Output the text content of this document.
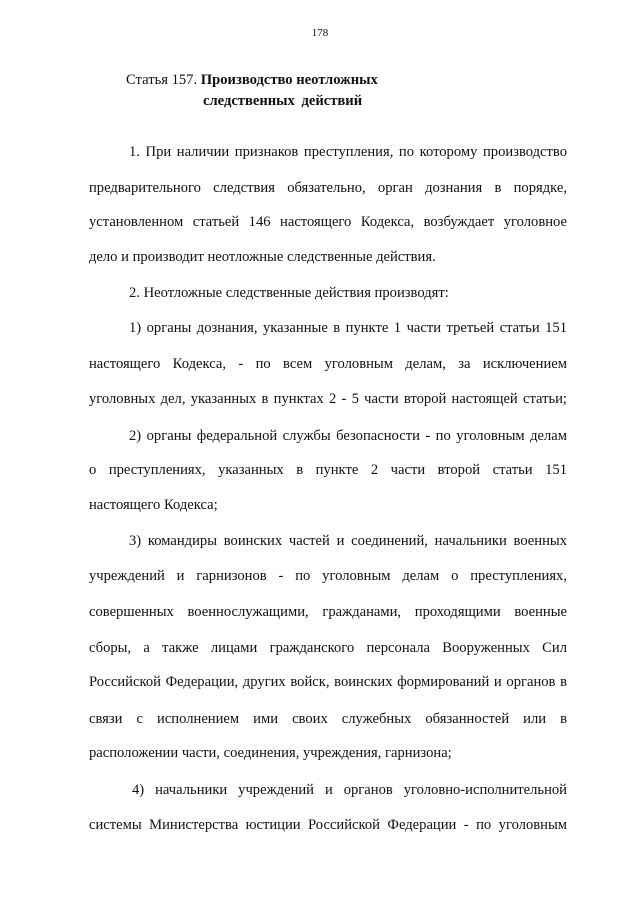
178
Статья 157. Производство неотложных
следственных действий
1. При наличии признаков преступления, по которому производство
предварительного следствия обязательно, орган дознания в порядке,
установленном статьей 146 настоящего Кодекса, возбуждает уголовное
дело и производит неотложные следственные действия.
2. Неотложные следственные действия производят:
1) органы дознания, указанные в пункте 1 части третьей статьи 151
настоящего Кодекса, - по всем уголовным делам, за исключением
уголовных дел, указанных в пунктах 2 - 5 части второй настоящей статьи;
2) органы федеральной службы безопасности - по уголовным делам
о преступлениях, указанных в пункте 2 части второй статьи 151
настоящего Кодекса;
3) командиры воинских частей и соединений, начальники военных
учреждений и гарнизонов - по уголовным делам о преступлениях,
совершенных военнослужащими, гражданами, проходящими военные
сборы, а также лицами гражданского персонала Вооруженных Сил
Российской Федерации, других войск, воинских формирований и органов в
связи с исполнением ими своих служебных обязанностей или в
расположении части, соединения, учреждения, гарнизона;
4) начальники учреждений и органов уголовно-исполнительной
системы Министерства юстиции Российской Федерации - по уголовным
